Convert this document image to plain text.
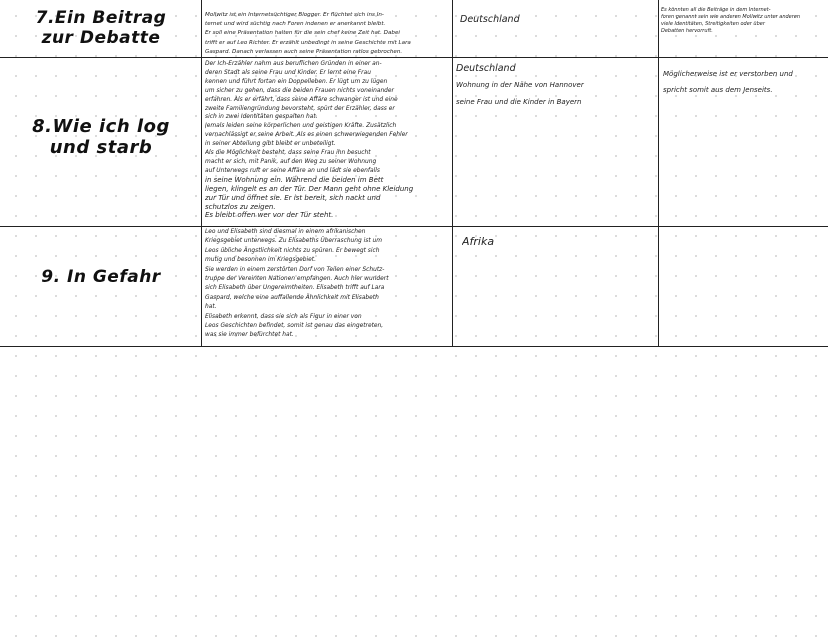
7.Ein Beitrag
zur Debatte
Mollwitz ist ein Internetsüchtiger Blogger. Er flüchtet sich ins In-
ternet und wird süchtig nach Foren indenen er anerkannt bleibt.
Er soll eine Präsentation halten für die sein chef keine Zeit hat. Dabei
trifft er auf Leo Richter. Er erzählt unbedingt in seine Geschichte mit Lara
Gaspard. Danach verlassen auch seine Präsentation ratlos gebrochen.
Deutschland
Es könnten all die Beiträge in dem Internet-
foren genannt sein wie anderen Mollwitz unter anderen
viele Identitäten, Streitigkeiten oder über
Debatten hervorruft.
8.Wie ich log
und starb
Der Ich-Erzähler nahm aus beruflichen Gründen in einer an-
deren Stadt als seine Frau und Kinder. Er lernt eine Frau
kennen und führt fortan ein Doppelleben. Er lügt um zu lügen
um sicher zu gehen, dass die beiden Frauen nichts voneinander
erfahren. Als er erfährt, dass seine Affäre schwanger ist und eine
zweite Familiengründung bevorsteht, spürt der Erzähler, dass er
sich in zwei Identitäten gespalten hat.
Jemals leiden seine körperlichen und geistigen Kräfte. Zusätzlich
vernachlässigt er seine Arbeit. Als es einen schwerwiegenden Fehler
in seiner Abteilung gibt bleibt er unbeteiligt.
Als die Möglichkeit besteht, dass seine Frau ihn besucht
macht er sich, mit Panik, auf den Weg zu seiner Wohnung
auf Unterwegs ruft er seine Affäre an und lädt sie ebenfalls
in seine Wohnung ein. Während die beiden im Bett
liegen, klingelt es an der Tür. Der Mann geht ohne Kleidung
zur Tür und öffnet sie. Er ist bereit, sich nackt und
schutzlos zu zeigen.
Es bleibt offen wer vor der Tür steht.
Deutschland
Wohnung in der Nähe von Hannover
seine Frau und die Kinder in Bayern
Möglicherweise ist er verstorben und
spricht somit aus dem Jenseits.
9. In Gefahr
Leo und Elisabeth sind diesmal in einem afrikanischen
Kriegsgebiet unterwegs. Zu Elisabeths Überraschung ist um
Leos übliche Ängstlichkeit nichts zu spüren. Er bewegt sich
mutig und besonnen im Kriegsgebiet.
Sie werden in einem zerstörten Dorf von Teilen einer Schutz-
truppe der Vereinten Nationen empfangen. Auch hier wundert
sich Elisabeth über Ungereimtheiten. Elisabeth trifft auf Lara
Gaspard, welche eine auffallende Ähnlichkeit mit Elisabeth
hat.
Elisabeth erkennt, dass sie sich als Figur in einer von
Leos Geschichten befindet, somit ist genau das eingetreten,
was sie immer befürchtet hat.
Afrika
